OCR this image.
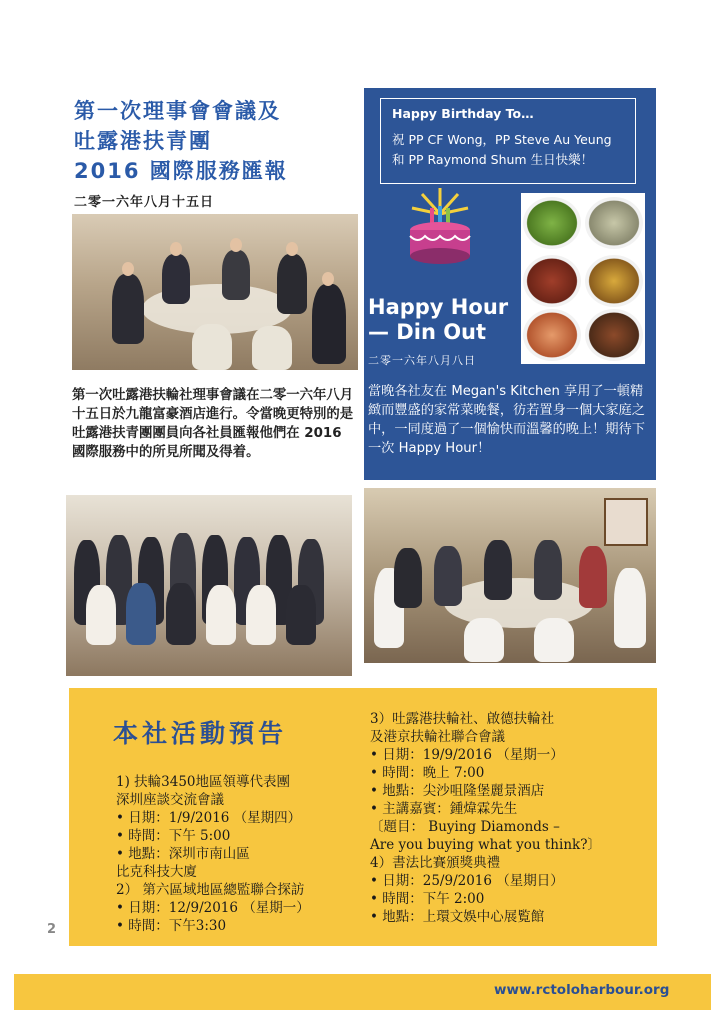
第一次理事會會議及
吐露港扶青團
2016 國際服務匯報
二零一六年八月十五日
第一次吐露港扶輪社理事會議在二零一六年八月十五日於九龍富豪酒店進行。令當晚更特別的是吐露港扶青團團員向各社員匯報他們在 2016 國際服務中的所見所聞及得着。
Happy Birthday To…
祝 PP CF Wong，PP Steve Au Yeung
和 PP Raymond Shum 生日快樂！
Happy Hour
— Din Out
二零一六年八月八日
當晚各社友在 Megan's Kitchen 享用了一頓精緻而豐盛的家常菜晚餐，彷若置身一個大家庭之中，一同度過了一個愉快而溫馨的晚上！期待下一次 Happy Hour！
本社活動預告
1) 扶輪3450地區領導代表團
深圳座談交流會議
• 日期：1/9/2016 （星期四）
• 時間：下午 5:00
• 地點：深圳市南山區
比克科技大廈
2） 第六區域地區總監聯合探訪
• 日期：12/9/2016 （星期一）
• 時間：下午3:30
3）吐露港扶輪社、啟德扶輪社
及港京扶輪社聯合會議
• 日期：19/9/2016 （星期一）
• 時間：晚上 7:00
• 地點：尖沙咀隆堡麗景酒店
• 主講嘉賓：鍾煒霖先生
〔題目： Buying Diamonds –
Are you buying what you think?〕
4）書法比賽頒獎典禮
• 日期：25/9/2016 （星期日）
• 時間：下午 2:00
• 地點：上環文娛中心展覧館
2
www.rctoloharbour.org
